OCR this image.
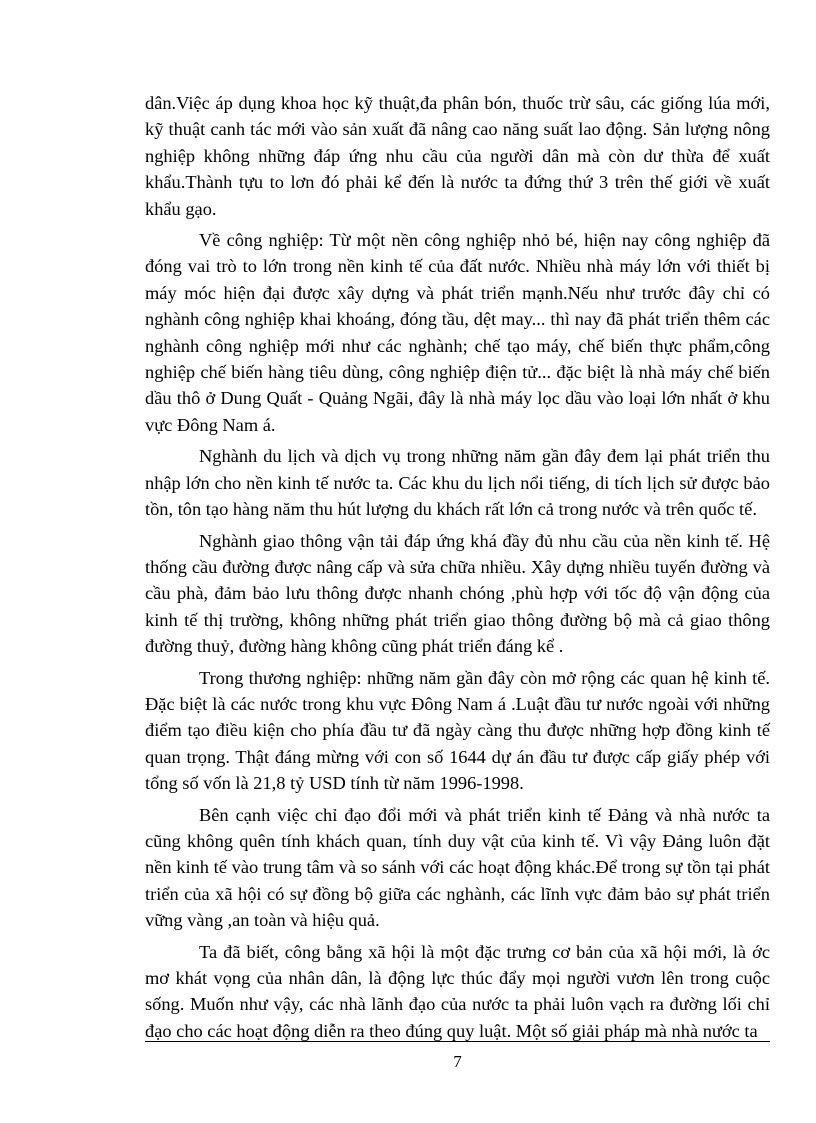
dân.Việc áp dụng khoa học kỹ thuật,đa phân bón, thuốc trừ sâu, các giống lúa mới, kỹ thuật canh tác mới vào sản xuất đã nâng cao năng suất lao động. Sản lượng nông nghiệp không những đáp ứng nhu cầu của người dân mà còn dư thừa để xuất khẩu.Thành tựu to lơn đó phải kể đến là nước ta đứng thứ 3 trên thế giới về xuất khẩu gạo.

Về công nghiệp: Từ một nền công nghiệp nhỏ bé, hiện nay công nghiệp đã đóng vai trò to lớn trong nền kinh tế của đất nước. Nhiều nhà máy lớn với thiết bị máy móc hiện đại được xây dựng và phát triển mạnh.Nếu như trước đây chỉ có nghành công nghiệp khai khoáng, đóng tầu, dệt may... thì nay đã phát triển thêm các nghành công nghiệp mới như các nghành; chế tạo máy, chế biến thực phẩm,công nghiệp chế biến hàng tiêu dùng, công nghiệp điện tử... đặc biệt là nhà máy chế biến dầu thô ở Dung Quất - Quảng Ngãi, đây là nhà máy lọc dầu vào loại lớn nhất ở khu vực Đông Nam á.

Nghành du lịch và dịch vụ trong những năm gần đây đem lại phát triển thu nhập lớn cho nền kinh tế nước ta. Các khu du lịch nổi tiếng, di tích lịch sử được bảo tồn, tôn tạo hàng năm thu hút lượng du khách rất lớn cả trong nước và trên quốc tế.

Nghành giao thông vận tải đáp ứng khá đầy đủ nhu cầu của nền kinh tế. Hệ thống cầu đường được nâng cấp và sửa chữa nhiều. Xây dựng nhiều tuyến đường và cầu phà, đảm bảo lưu thông được nhanh chóng ,phù hợp với tốc độ vận động của kinh tế thị trường, không những phát triển giao thông đường bộ mà cả giao thông đường thuỷ, đường hàng không cũng phát triển đáng kể .

Trong thương nghiệp: những năm gần đây còn mở rộng các quan hệ kinh tế. Đặc biệt là các nước trong khu vực Đông Nam á .Luật đầu tư nước ngoài với những điểm tạo điều kiện cho phía đầu tư đã ngày càng thu được những hợp đồng kinh tế quan trọng. Thật đáng mừng với con số 1644 dự án đầu tư được cấp giấy phép với tổng số vốn là 21,8 tỷ USD tính từ năm 1996-1998.

Bên cạnh việc chỉ đạo đổi mới và phát triển kinh tế Đảng và nhà nước ta cũng không quên tính khách quan, tính duy vật của kinh tế. Vì vậy Đảng luôn đặt nền kinh tế vào trung tâm và so sánh với các hoạt động khác.Để trong sự tồn tại phát triển của xã hội có sự đồng bộ giữa các nghành, các lĩnh vực đảm bảo sự phát triển vững vàng ,an toàn và hiệu quả.

Ta đã biết, công bằng xã hội là một đặc trưng cơ bản của xã hội mới, là ớc mơ khát vọng của nhân dân, là động lực thúc đẩy mọi người vươn lên trong cuộc sống. Muốn như vậy, các nhà lãnh đạo của nước ta phải luôn vạch ra đường lối chỉ đạo cho các hoạt động diễn ra theo đúng quy luật. Một số giải pháp mà nhà nước ta

7
